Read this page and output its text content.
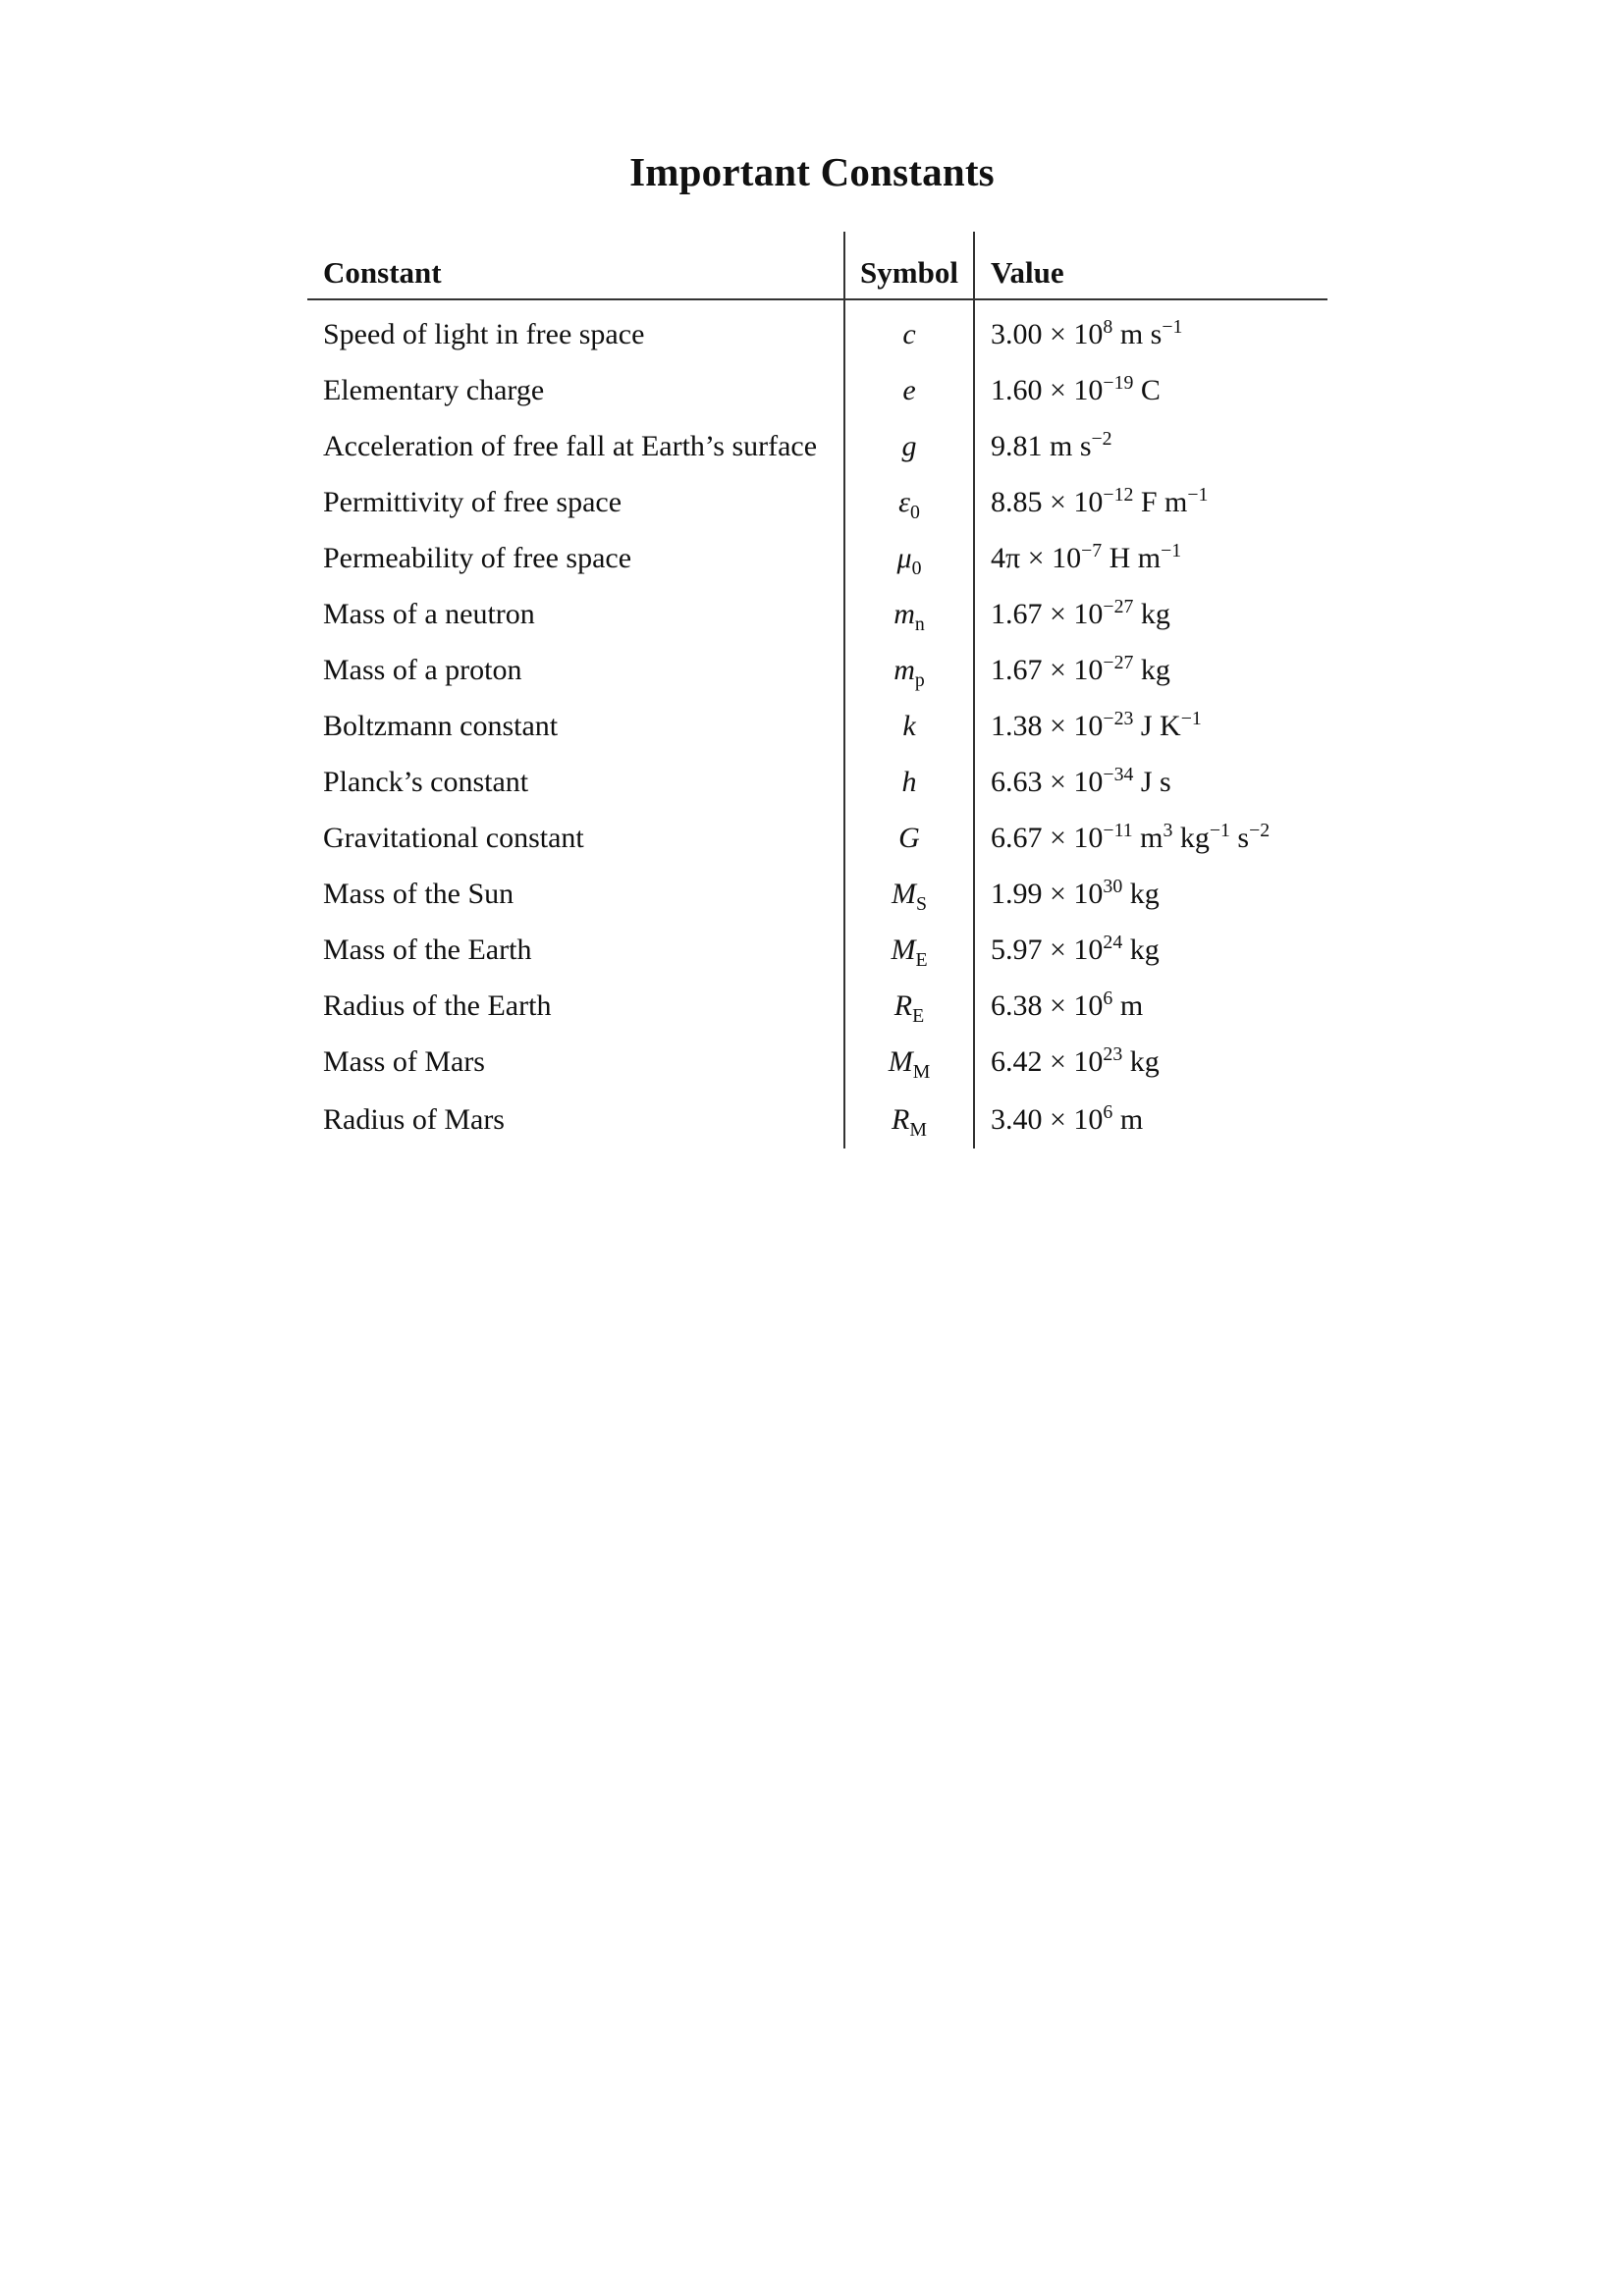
Important Constants
Constant	Symbol	Value
Speed of light in free space	c	$3.00 \times 10^8$ m $s^{-1}$
Elementary charge	e	$1.60 \times 10^{-19}$ C
Acceleration of free fall at Earth’s surface	g	9.81 m $s^{-2}$
Permittivity of free space	$\varepsilon_0$	$8.85 \times 10^{-12}$ F $m^{-1}$
Permeability of free space	$\mu_0$	$4\pi \times 10^{-7}$ H $m^{-1}$
Mass of a neutron	$m_n$	$1.67 \times 10^{-27}$ kg
Mass of a proton	$m_p$	$1.67 \times 10^{-27}$ kg
Boltzmann constant	k	$1.38 \times 10^{-23}$ J $K^{-1}$
Planck’s constant	h	$6.63 \times 10^{-34}$ J s
Gravitational constant	G	$6.67 \times 10^{-11}$ $m^3$ $kg^{-1}$ $s^{-2}$
Mass of the Sun	$M_S$	$1.99 \times 10^{30}$ kg
Mass of the Earth	$M_E$	$5.97 \times 10^{24}$ kg
Radius of the Earth	$R_E$	$6.38 \times 10^6$ m
Mass of Mars	$M_M$	$6.42 \times 10^{23}$ kg
Radius of Mars	$R_M$	$3.40 \times 10^6$ m
